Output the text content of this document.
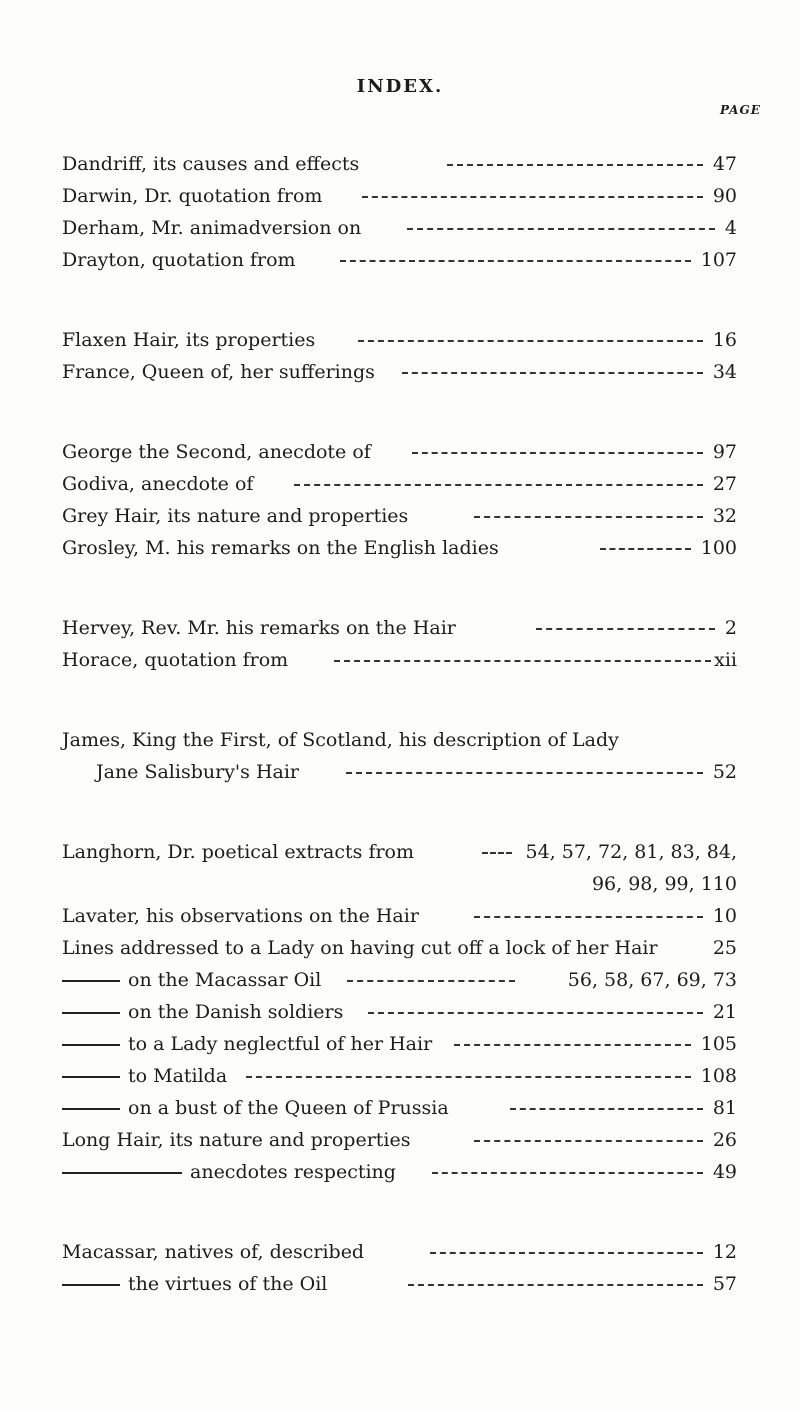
INDEX.
PAGE
Dandriff, its causes and effects	47
Darwin, Dr. quotation from	90
Derham, Mr. animadversion on	4
Drayton, quotation from	107
Flaxen Hair, its properties	16
France, Queen of, her sufferings	34
George the Second, anecdote of	97
Godiva, anecdote of	27
Grey Hair, its nature and properties	32
Grosley, M. his remarks on the English ladies	100
Hervey, Rev. Mr. his remarks on the Hair	2
Horace, quotation from	xii
James, King the First, of Scotland, his description of Lady
Jane Salisbury's Hair	52
Langhorn, Dr. poetical extracts from	54, 57, 72, 81, 83, 84,
96, 98, 99, 110
Lavater, his observations on the Hair	10
Lines addressed to a Lady on having cut off a lock of her Hair	25
on the Macassar Oil	56, 58, 67, 69, 73
on the Danish soldiers	21
to a Lady neglectful of her Hair	105
to Matilda	108
on a bust of the Queen of Prussia	81
Long Hair, its nature and properties	26
anecdotes respecting	49
Macassar, natives of, described	12
the virtues of the Oil	57
